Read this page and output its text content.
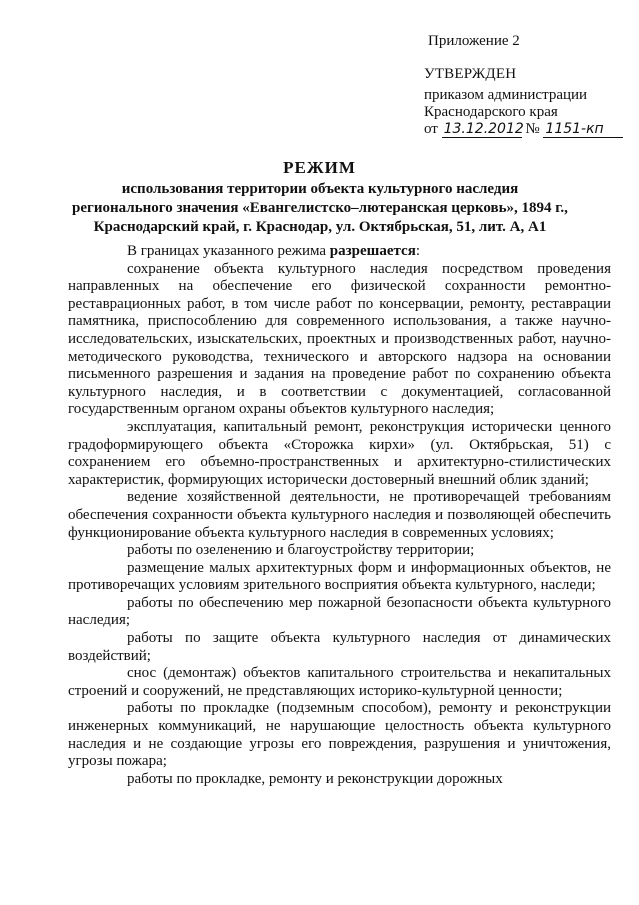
Приложение 2
УТВЕРЖДЕН
приказом администрации
Краснодарского края
от 13.12.2012 № 1151-кп
РЕЖИМ
использования территории объекта культурного наследия
регионального значения «Евангелистско–лютеранская церковь», 1894 г.,
Краснодарский край, г. Краснодар, ул. Октябрьская, 51, лит. А, А1

В границах указанного режима разрешается:

сохранение объекта культурного наследия посредством проведения направленных на обеспечение его физической сохранности ремонтно-реставрационных работ, в том числе работ по консервации, ремонту, реставрации памятника, приспособлению для современного использования, а также научно-исследовательских, изыскательских, проектных и производственных работ, научно-методического руководства, технического и авторского надзора на основании письменного разрешения и задания на проведение работ по сохранению объекта культурного наследия, и в соответствии с документацией, согласованной государственным органом охраны объектов культурного наследия;

эксплуатация, капитальный ремонт, реконструкция исторически ценного градоформирующего объекта «Сторожка кирхи» (ул. Октябрьская, 51) с сохранением его объемно-пространственных и архитектурно-стилистических характеристик, формирующих исторически достоверный внешний облик зданий;

ведение хозяйственной деятельности, не противоречащей требованиям обеспечения сохранности объекта культурного наследия и позволяющей обеспечить функционирование объекта культурного наследия в современных условиях;

работы по озеленению и благоустройству территории;

размещение малых архитектурных форм и информационных объектов, не противоречащих условиям зрительного восприятия объекта культурного, наследи;

работы по обеспечению мер пожарной безопасности объекта культурного наследия;

работы по защите объекта культурного наследия от динамических воздействий;

снос (демонтаж) объектов капитального строительства и некапитальных строений и сооружений, не представляющих историко-культурной ценности;

работы по прокладке (подземным способом), ремонту и реконструкции инженерных коммуникаций, не нарушающие целостность объекта культурного наследия и не создающие угрозы его повреждения, разрушения и уничтожения, угрозы пожара;

работы по прокладке, ремонту и реконструкции дорожных
